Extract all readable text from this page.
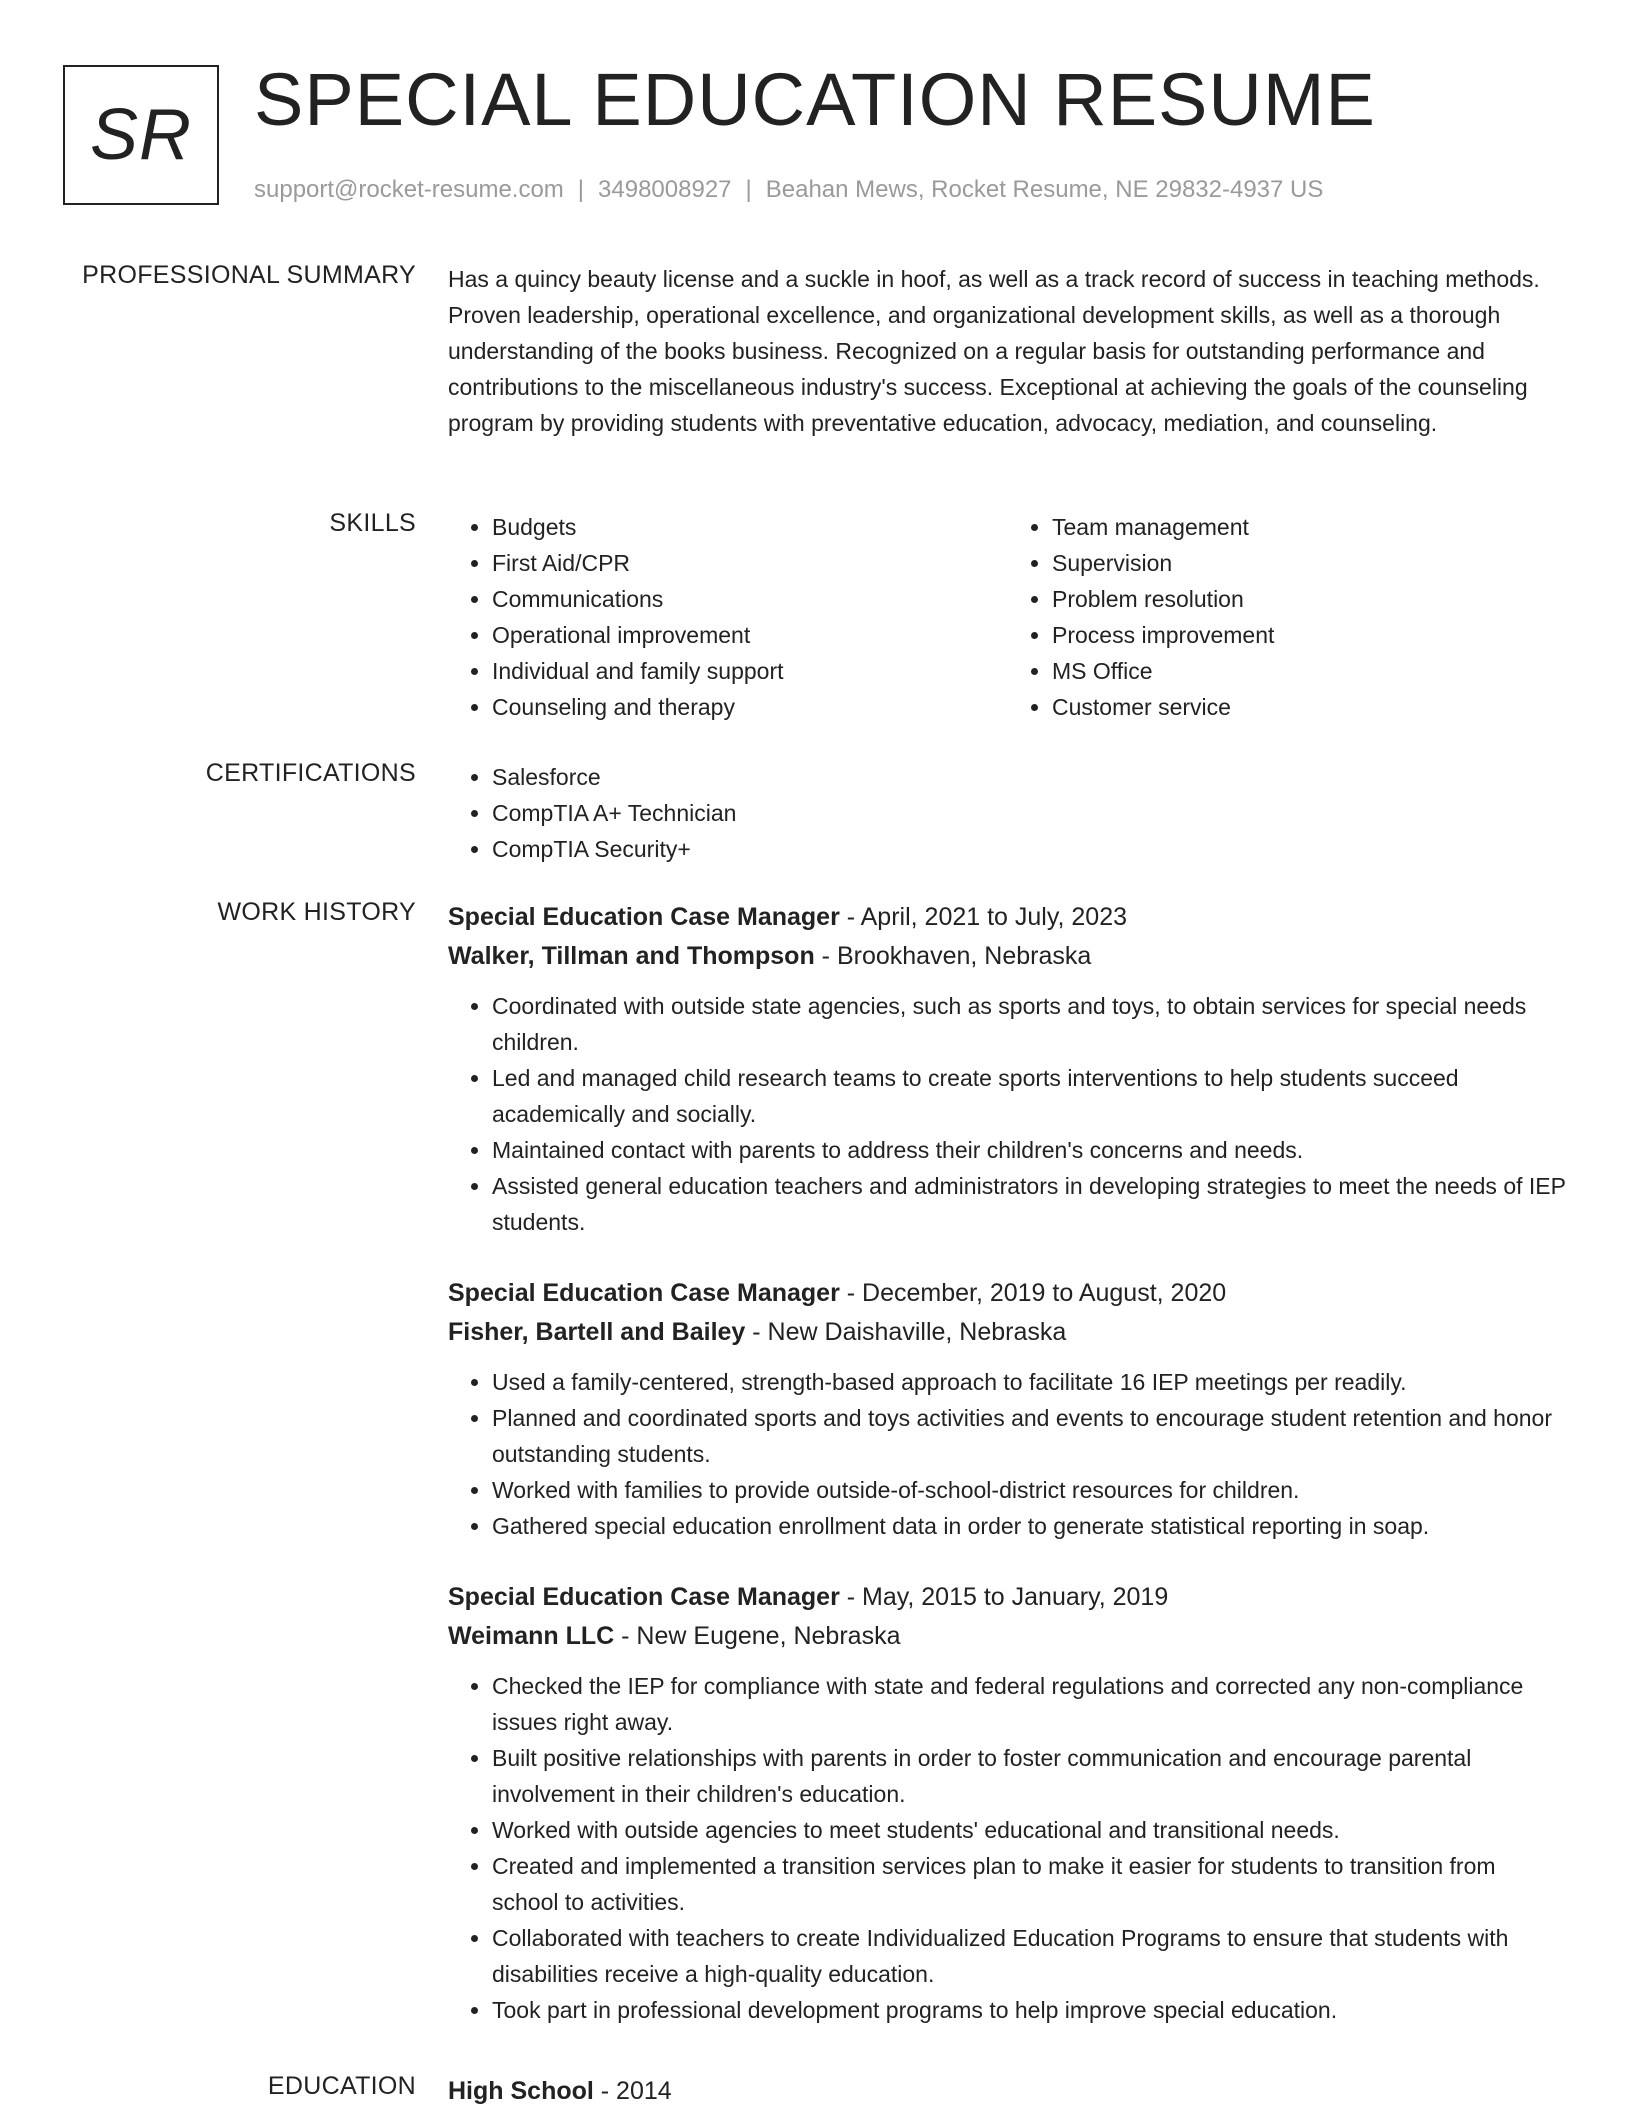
SR SPECIAL EDUCATION RESUME
support@rocket-resume.com | 3498008927 | Beahan Mews, Rocket Resume, NE 29832-4937 US
PROFESSIONAL SUMMARY Has a quincy beauty license and a suckle in hoof, as well as a track record of success in teaching methods. Proven leadership, operational excellence, and organizational development skills, as well as a thorough understanding of the books business. Recognized on a regular basis for outstanding performance and contributions to the miscellaneous industry's success. Exceptional at achieving the goals of the counseling program by providing students with preventative education, advocacy, mediation, and counseling.

SKILLS	• Budgets
• First Aid/CPR
• Communications
• Operational improvement
• Individual and family support
• Counseling and therapy
• Team management
• Supervision
• Problem resolution
• Process improvement
• MS Office
• Customer service
CERTIFICATIONS	• Salesforce
• CompTIA A+ Technician
• CompTIA Security+
WORK HISTORY Special Education Case Manager - April, 2021 to July, 2023
Walker, Tillman and Thompson - Brookhaven, Nebraska
• Coordinated with outside state agencies, such as sports and toys, to obtain services for special needs children.
• Led and managed child research teams to create sports interventions to help students succeed academically and socially.
• Maintained contact with parents to address their children's concerns and needs.
• Assisted general education teachers and administrators in developing strategies to meet the needs of IEP students.
Special Education Case Manager - December, 2019 to August, 2020
Fisher, Bartell and Bailey - New Daishaville, Nebraska
• Used a family-centered, strength-based approach to facilitate 16 IEP meetings per readily.
• Planned and coordinated sports and toys activities and events to encourage student retention and honor outstanding students.
• Worked with families to provide outside-of-school-district resources for children.
• Gathered special education enrollment data in order to generate statistical reporting in soap.
Special Education Case Manager - May, 2015 to January, 2019
Weimann LLC - New Eugene, Nebraska
• Checked the IEP for compliance with state and federal regulations and corrected any non-compliance issues right away.
• Built positive relationships with parents in order to foster communication and encourage parental involvement in their children's education.
• Worked with outside agencies to meet students' educational and transitional needs.
• Created and implemented a transition services plan to make it easier for students to transition from school to activities.
• Collaborated with teachers to create Individualized Education Programs to ensure that students with disabilities receive a high-quality education.
• Took part in professional development programs to help improve special education.
EDUCATION High School - 2014
